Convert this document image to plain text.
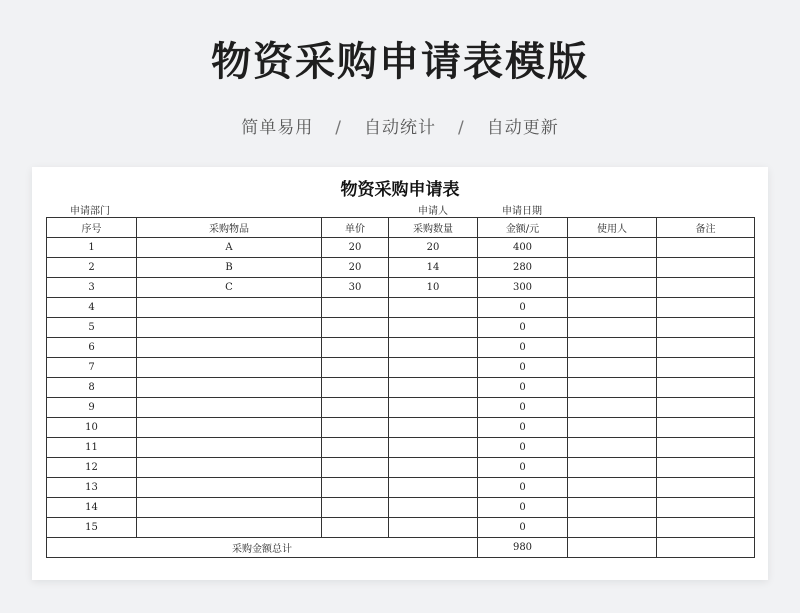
物资采购申请表模版
简单易用 / 自动统计 / 自动更新
物资采购申请表
申请部门	申请人	申请日期
序号	采购物品	单价	采购数量	金额/元	使用人	备注
1	A	20	20	400		
2	B	20	14	280		
3	C	30	10	300		
4				0		
5				0		
6				0		
7				0		
8				0		
9				0		
10				0		
11				0		
12				0		
13				0		
14				0		
15				0		
采购金额总计				980		
